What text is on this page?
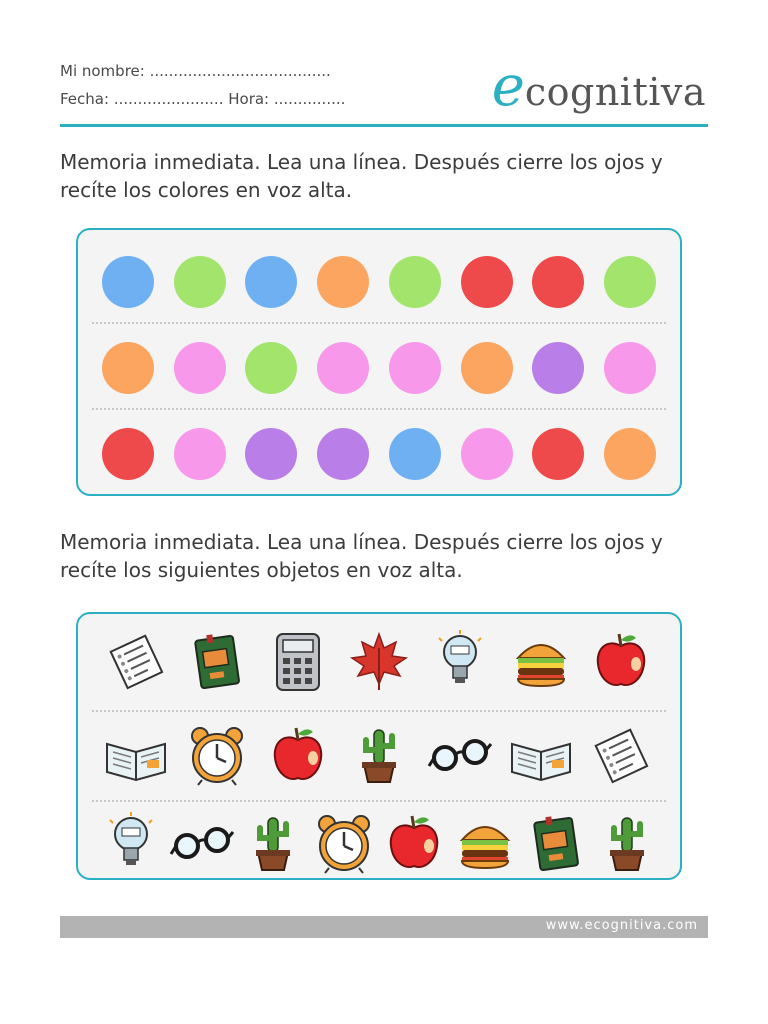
Mi nombre: ......................................
Fecha: ....................... Hora: ...............	ecognitiva
Memoria inmediata. Lea una línea. Después cierre los ojos y recíte los colores en voz alta.
Memoria inmediata. Lea una línea. Después cierre los ojos y recíte los siguientes objetos en voz alta.
www.ecognitiva.com
